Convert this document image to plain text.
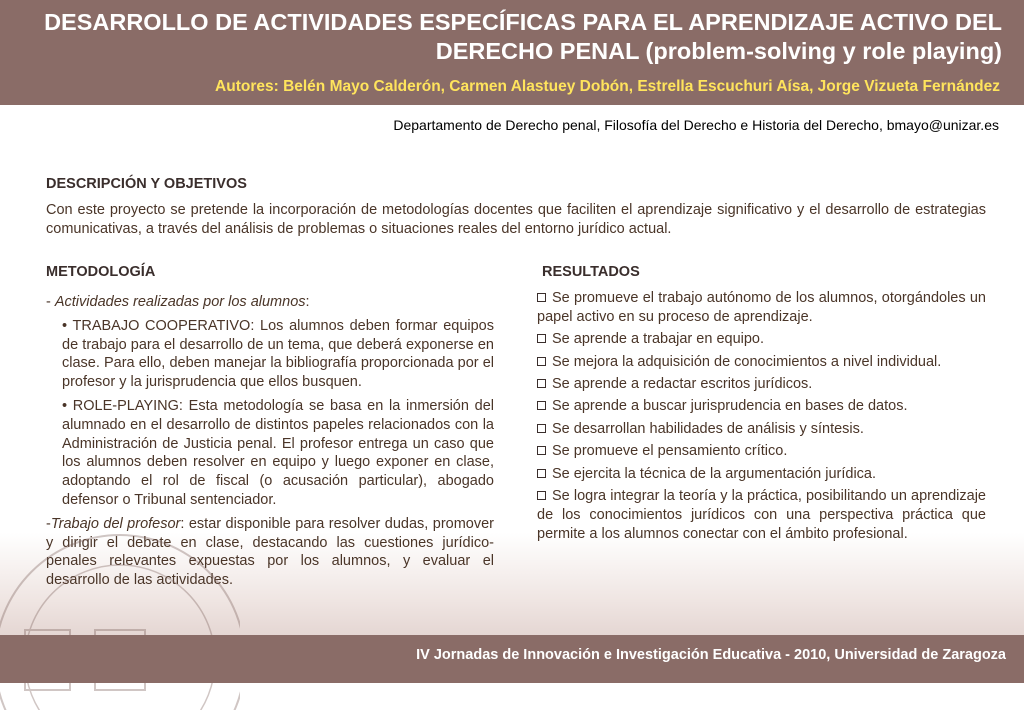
DESARROLLO DE ACTIVIDADES ESPECÍFICAS PARA EL APRENDIZAJE ACTIVO DEL
DERECHO PENAL (problem-solving y role playing)

Autores: Belén Mayo Calderón, Carmen Alastuey Dobón, Estrella Escuchuri Aísa, Jorge Vizueta Fernández

Departamento de Derecho penal, Filosofía del Derecho e Historia del Derecho, bmayo@unizar.es

DESCRIPCIÓN Y OBJETIVOS

Con este proyecto se pretende la incorporación de metodologías docentes que faciliten el aprendizaje significativo y el desarrollo de estrategias comunicativas, a través del análisis de problemas o situaciones reales del entorno jurídico actual.

METODOLOGÍA	RESULTADOS

- Actividades realizadas por los alumnos:

• TRABAJO COOPERATIVO: Los alumnos deben formar equipos de trabajo para el desarrollo de un tema, que deberá exponerse en clase. Para ello, deben manejar la bibliografía proporcionada por el profesor y la jurisprudencia que ellos busquen.

• ROLE-PLAYING: Esta metodología se basa en la inmersión del alumnado en el desarrollo de distintos papeles relacionados con la Administración de Justicia penal. El profesor entrega un caso que los alumnos deben resolver en equipo y luego exponer en clase, adoptando el rol de fiscal (o acusación particular), abogado defensor o Tribunal sentenciador.

-Trabajo del profesor: estar disponible para resolver dudas, promover y dirigir el debate en clase, destacando las cuestiones jurídico-penales relevantes expuestas por los alumnos, y evaluar el desarrollo de las actividades.

Se promueve el trabajo autónomo de los alumnos, otorgándoles un papel activo en su proceso de aprendizaje.
Se aprende a trabajar en equipo.
Se mejora la adquisición de conocimientos a nivel individual.
Se aprende a redactar escritos jurídicos.
Se aprende a buscar jurisprudencia en bases de datos.
Se desarrollan habilidades de análisis y síntesis.
Se promueve el pensamiento crítico.
Se ejercita la técnica de la argumentación jurídica.
Se logra integrar la teoría y la práctica, posibilitando un aprendizaje de los conocimientos jurídicos con una perspectiva práctica que permite a los alumnos conectar con el ámbito profesional.

IV Jornadas de Innovación e Investigación Educativa - 2010, Universidad de Zaragoza
